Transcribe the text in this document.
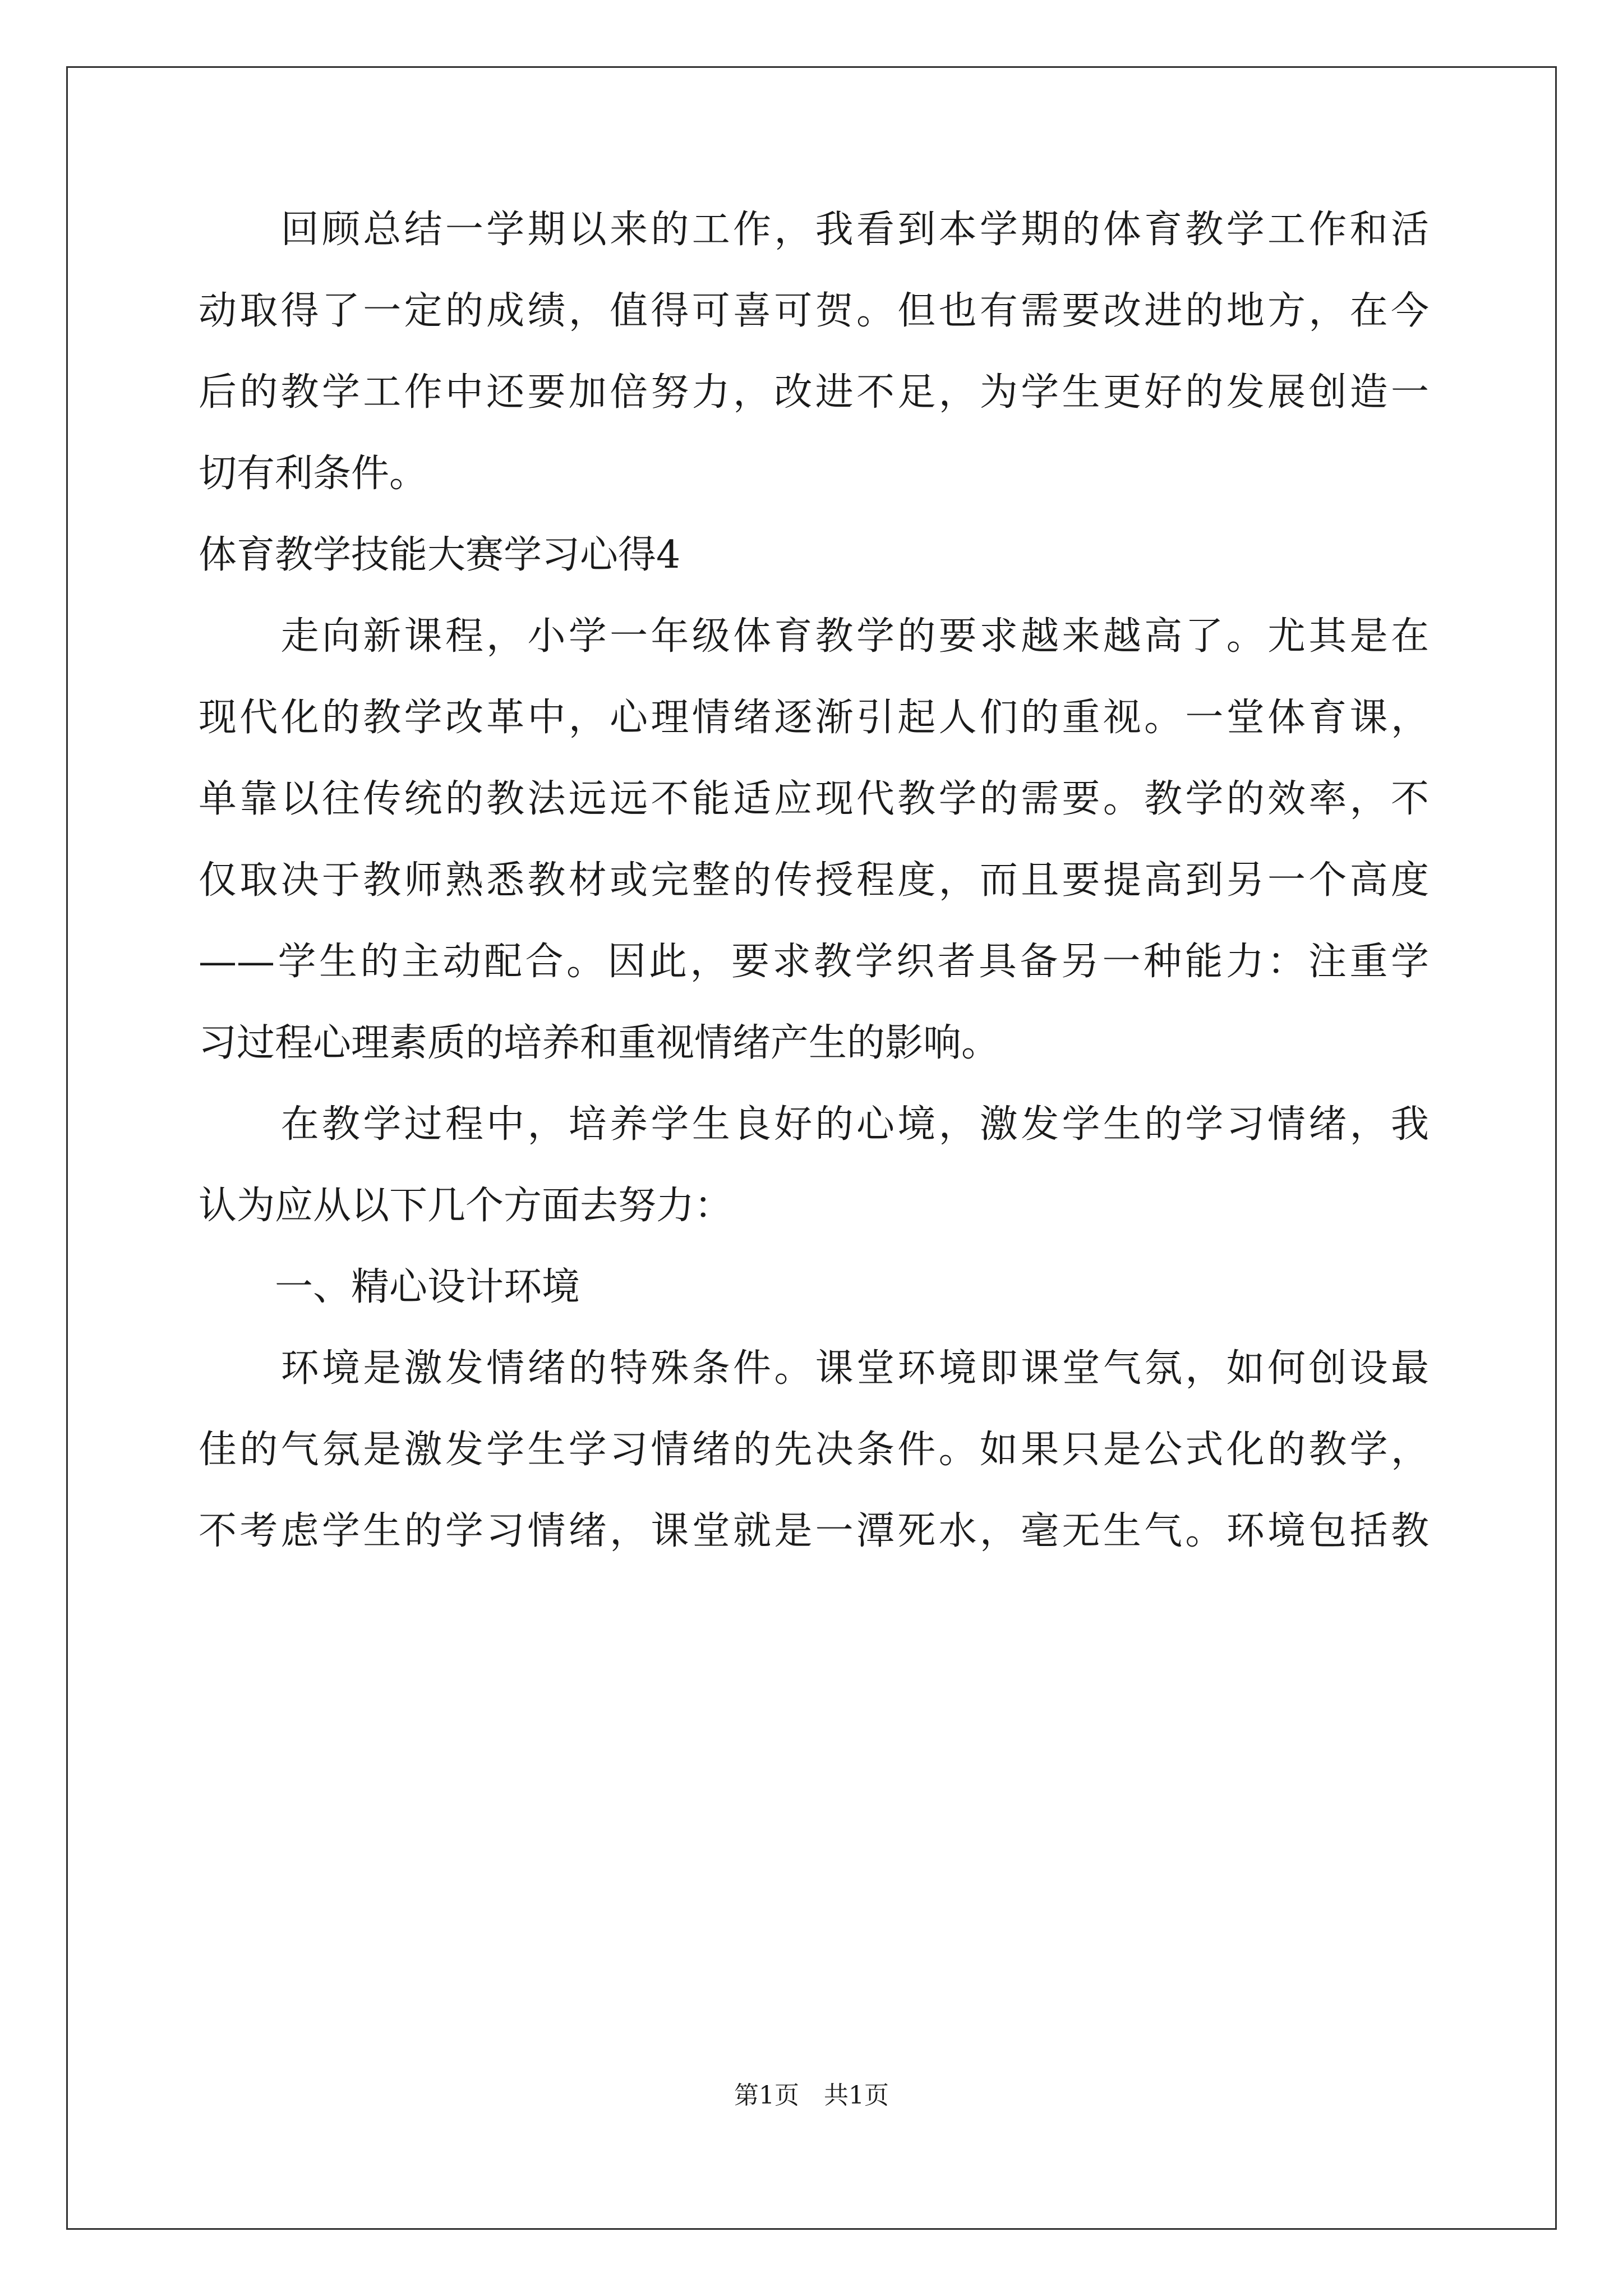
　　回顾总结一学期以来的工作，我看到本学期的体育教学工作和活
动取得了一定的成绩，值得可喜可贺。但也有需要改进的地方，在今
后的教学工作中还要加倍努力，改进不足，为学生更好的发展创造一
切有利条件。
体育教学技能大赛学习心得4
　　走向新课程，小学一年级体育教学的要求越来越高了。尤其是在
现代化的教学改革中，心理情绪逐渐引起人们的重视。一堂体育课，
单靠以往传统的教法远远不能适应现代教学的需要。教学的效率，不
仅取决于教师熟悉教材或完整的传授程度，而且要提高到另一个高度
——学生的主动配合。因此，要求教学织者具备另一种能力：注重学
习过程心理素质的培养和重视情绪产生的影响。
　　在教学过程中，培养学生良好的心境，激发学生的学习情绪，我
认为应从以下几个方面去努力：
　　一、精心设计环境
　　环境是激发情绪的特殊条件。课堂环境即课堂气氛，如何创设最
佳的气氛是激发学生学习情绪的先决条件。如果只是公式化的教学，
不考虑学生的学习情绪，课堂就是一潭死水，毫无生气。环境包括教
第1页　共1页
